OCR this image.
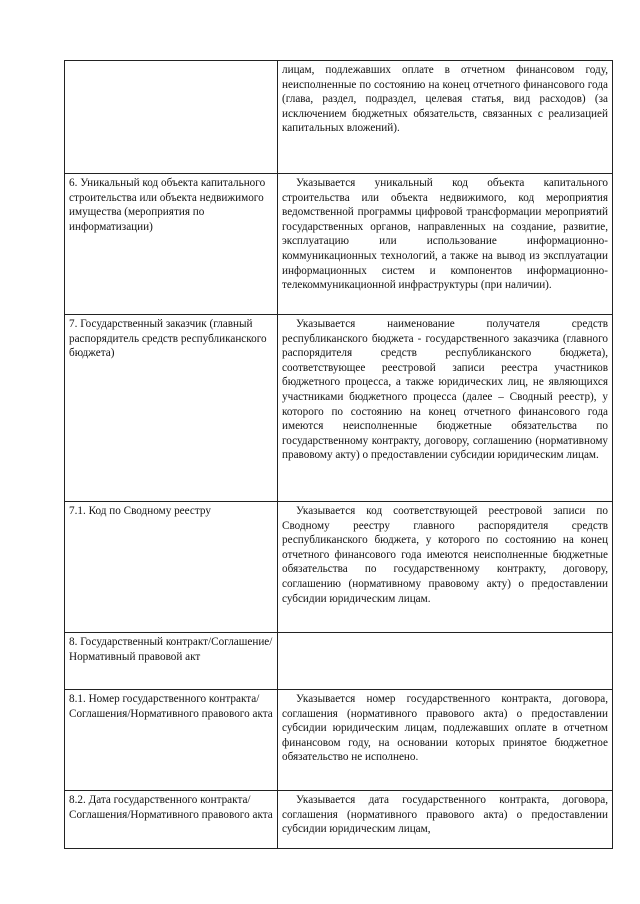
	лицам, подлежавших оплате в отчетном финансовом году, неисполненные по состоянию на конец отчетного финансового года (глава, раздел, подраздел, целевая статья, вид расходов) (за исключением бюджетных обязательств, связанных с реализацией капитальных вложений).

6. Уникальный код объекта капитального строительства или объекта недвижимого имущества (мероприятия по информатизации)	Указывается уникальный код объекта капитального строительства или объекта недвижимого, код мероприятия ведомственной программы цифровой трансформации мероприятий государственных органов, направленных на создание, развитие, эксплуатацию или использование информационно-коммуникационных технологий, а также на вывод из эксплуатации информационных систем и компонентов информационно-телекоммуникационной инфраструктуры (при наличии).

7. Государственный заказчик (главный распорядитель средств республиканского бюджета)	Указывается наименование получателя средств республиканского бюджета - государственного заказчика (главного распорядителя средств республиканского бюджета), соответствующее реестровой записи реестра участников бюджетного процесса, а также юридических лиц, не являющихся участниками бюджетного процесса (далее – Сводный реестр), у которого по состоянию на конец отчетного финансового года имеются неисполненные бюджетные обязательства по государственному контракту, договору, соглашению (нормативному правовому акту) о предоставлении субсидии юридическим лицам.

7.1. Код по Сводному реестру	Указывается код соответствующей реестровой записи по Сводному реестру главного распорядителя средств республиканского бюджета, у которого по состоянию на конец отчетного финансового года имеются неисполненные бюджетные обязательства по государственному контракту, договору, соглашению (нормативному правовому акту) о предоставлении субсидии юридическим лицам.

8. Государственный контракт/Соглашение/Нормативный правовой акт	

8.1. Номер государственного контракта/Соглашения/Нормативного правового акта	Указывается номер государственного контракта, договора, соглашения (нормативного правового акта) о предоставлении субсидии юридическим лицам, подлежавших оплате в отчетном финансовом году, на основании которых принятое бюджетное обязательство не исполнено.

8.2. Дата государственного контракта/Соглашения/Нормативного правового акта	Указывается дата государственного контракта, договора, соглашения (нормативного правового акта) о предоставлении субсидии юридическим лицам,
